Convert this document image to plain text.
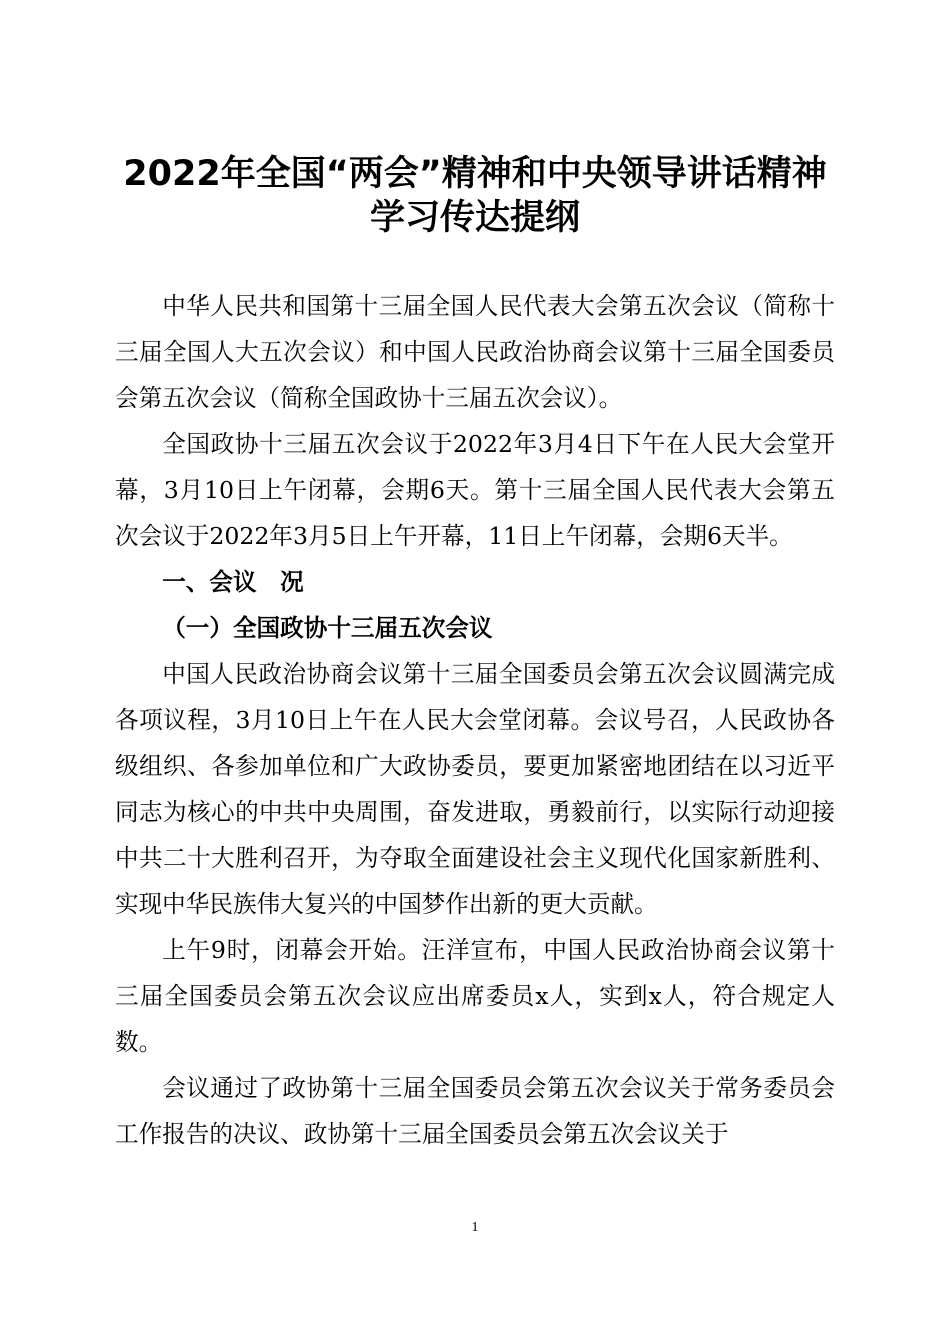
2022年全国“两会”精神和中央领导讲话精神
学习传达提纲

中华人民共和国第十三届全国人民代表大会第五次会议（简称十三届全国人大五次会议）和中国人民政治协商会议第十三届全国委员会第五次会议（简称全国政协十三届五次会议）。

全国政协十三届五次会议于2022年3月4日下午在人民大会堂开幕，3月10日上午闭幕，会期6天。第十三届全国人民代表大会第五次会议于2022年3月5日上午开幕，11日上午闭幕，会期6天半。

一、会议　况

（一）全国政协十三届五次会议

中国人民政治协商会议第十三届全国委员会第五次会议圆满完成各项议程，3月10日上午在人民大会堂闭幕。会议号召，人民政协各级组织、各参加单位和广大政协委员，要更加紧密地团结在以习近平同志为核心的中共中央周围，奋发进取，勇毅前行，以实际行动迎接中共二十大胜利召开，为夺取全面建设社会主义现代化国家新胜利、实现中华民族伟大复兴的中国梦作出新的更大贡献。

上午9时，闭幕会开始。汪洋宣布，中国人民政治协商会议第十三届全国委员会第五次会议应出席委员x人，实到x人，符合规定人数。

会议通过了政协第十三届全国委员会第五次会议关于常务委员会工作报告的决议、政协第十三届全国委员会第五次会议关于

1
